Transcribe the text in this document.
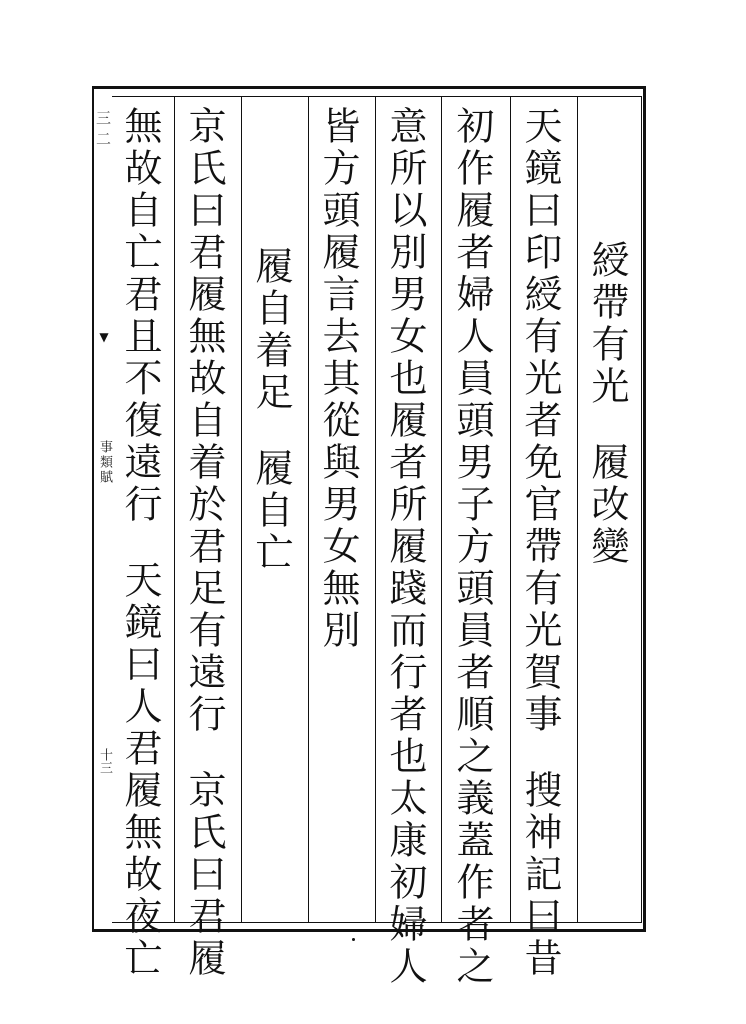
三二
▼
事類賦
十三
綬帶有光履改變
天鏡曰印綬有光者免官帶有光賀事搜神記曰昔
初作履者婦人員頭男子方頭員者順之義蓋作者之
意所以別男女也履者所履踐而行者也太康初婦人
皆方頭履言去其從與男女無別
履自着足履自亡
京氏曰君履無故自着於君足有遠行京氏曰君履
無故自亡君且不復遠行天鏡曰人君履無故夜亡
